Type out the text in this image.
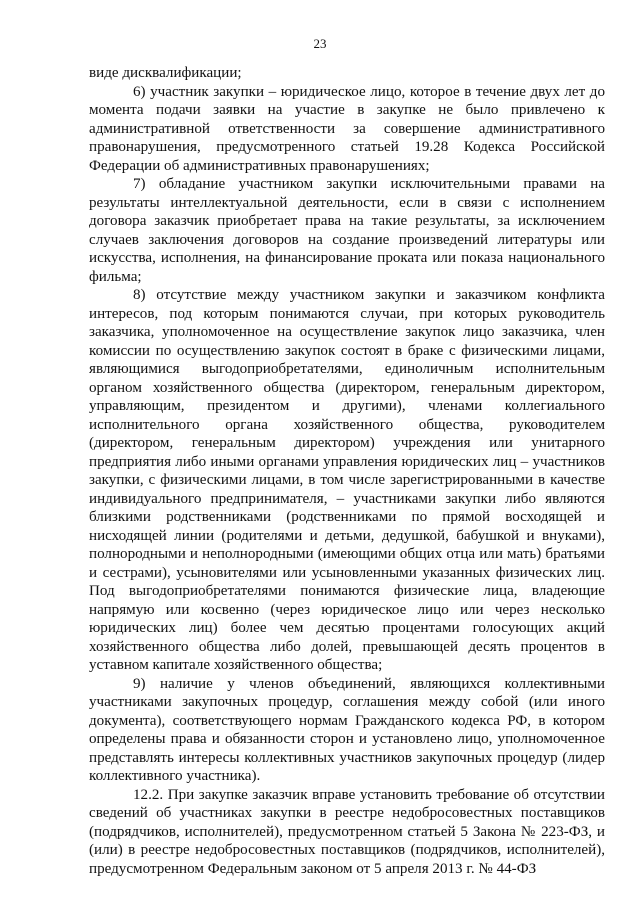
23

виде дисквалификации;

6) участник закупки – юридическое лицо, которое в течение двух лет до момента подачи заявки на участие в закупке не было привлечено к административной ответственности за совершение административного правонарушения, предусмотренного статьей 19.28 Кодекса Российской Федерации об административных правонарушениях;

7) обладание участником закупки исключительными правами на результаты интеллектуальной деятельности, если в связи с исполнением договора заказчик приобретает права на такие результаты, за исключением случаев заключения договоров на создание произведений литературы или искусства, исполнения, на финансирование проката или показа национального фильма;

8) отсутствие между участником закупки и заказчиком конфликта интересов, под которым понимаются случаи, при которых руководитель заказчика, уполномоченное на осуществление закупок лицо заказчика, член комиссии по осуществлению закупок состоят в браке с физическими лицами, являющимися выгодоприобретателями, единоличным исполнительным органом хозяйственного общества (директором, генеральным директором, управляющим, президентом и другими), членами коллегиального исполнительного органа хозяйственного общества, руководителем (директором, генеральным директором) учреждения или унитарного предприятия либо иными органами управления юридических лиц – участников закупки, с физическими лицами, в том числе зарегистрированными в качестве индивидуального предпринимателя, – участниками закупки либо являются близкими родственниками (родственниками по прямой восходящей и нисходящей линии (родителями и детьми, дедушкой, бабушкой и внуками), полнородными и неполнородными (имеющими общих отца или мать) братьями и сестрами), усыновителями или усыновленными указанных физических лиц. Под выгодоприобретателями понимаются физические лица, владеющие напрямую или косвенно (через юридическое лицо или через несколько юридических лиц) более чем десятью процентами голосующих акций хозяйственного общества либо долей, превышающей десять процентов в уставном капитале хозяйственного общества;

9) наличие у членов объединений, являющихся коллективными участниками закупочных процедур, соглашения между собой (или иного документа), соответствующего нормам Гражданского кодекса РФ, в котором определены права и обязанности сторон и установлено лицо, уполномоченное представлять интересы коллективных участников закупочных процедур (лидер коллективного участника).

12.2. При закупке заказчик вправе установить требование об отсутствии сведений об участниках закупки в реестре недобросовестных поставщиков (подрядчиков, исполнителей), предусмотренном статьей 5 Закона № 223-ФЗ, и (или) в реестре недобросовестных поставщиков (подрядчиков, исполнителей), предусмотренном Федеральным законом от 5 апреля 2013 г. № 44-ФЗ
